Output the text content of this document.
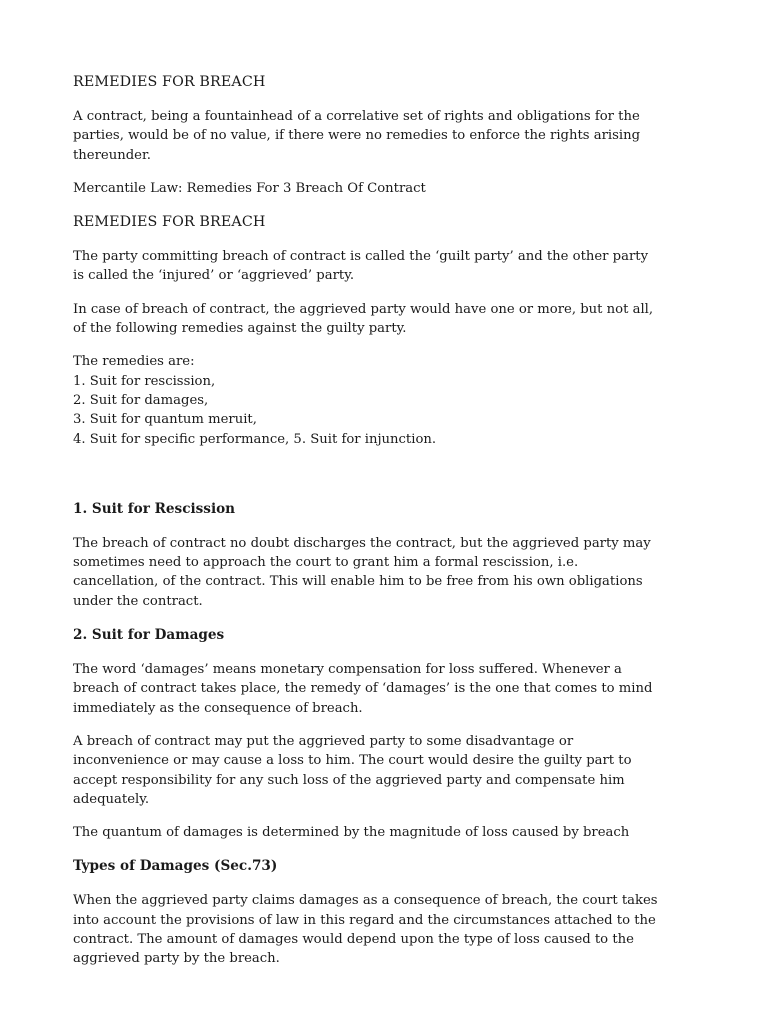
REMEDIES FOR BREACH

A contract, being a fountainhead of a correlative set of rights and obligations for the
parties, would be of no value, if there were no remedies to enforce the rights arising
thereunder.

Mercantile Law: Remedies For 3 Breach Of Contract

REMEDIES FOR BREACH

The party committing breach of contract is called the ‘guilt party’ and the other party
is called the ‘injured’ or ‘aggrieved’ party.

In case of breach of contract, the aggrieved party would have one or more, but not all,
of the following remedies against the guilty party.

The remedies are:
1. Suit for rescission,
2. Suit for damages,
3. Suit for quantum meruit,
4. Suit for specific performance, 5. Suit for injunction.
1. Suit for Rescission

The breach of contract no doubt discharges the contract, but the aggrieved party may
sometimes need to approach the court to grant him a formal rescission, i.e.
cancellation, of the contract. This will enable him to be free from his own obligations
under the contract.

2. Suit for Damages

The word ‘damages’ means monetary compensation for loss suffered. Whenever a
breach of contract takes place, the remedy of ‘damages’ is the one that comes to mind
immediately as the consequence of breach.

A breach of contract may put the aggrieved party to some disadvantage or
inconvenience or may cause a loss to him. The court would desire the guilty part to
accept responsibility for any such loss of the aggrieved party and compensate him
adequately.

The quantum of damages is determined by the magnitude of loss caused by breach

Types of Damages (Sec.73)

When the aggrieved party claims damages as a consequence of breach, the court takes
into account the provisions of law in this regard and the circumstances attached to the
contract. The amount of damages would depend upon the type of loss caused to the
aggrieved party by the breach.
